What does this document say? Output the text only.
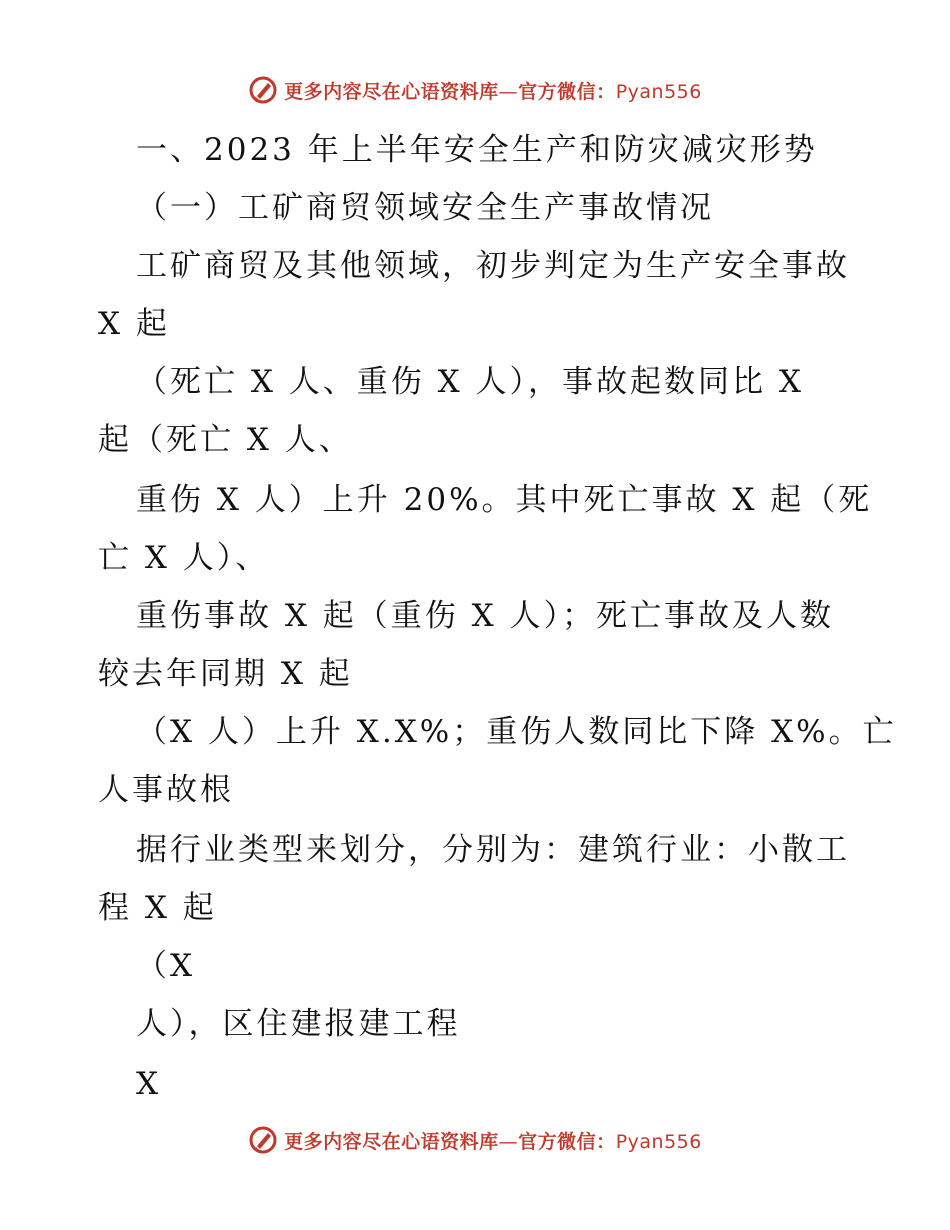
更多内容尽在心语资料库—官方微信：Pyan556
一、2023 年上半年安全生产和防灾减灾形势
（一）工矿商贸领域安全生产事故情况
工矿商贸及其他领域，初步判定为生产安全事故
X 起
（死亡 X 人、重伤 X 人），事故起数同比 X
起（死亡 X 人、
重伤 X 人）上升 20%。其中死亡事故 X 起（死
亡 X 人）、
重伤事故 X 起（重伤 X 人）；死亡事故及人数
较去年同期 X 起
（X 人）上升 X.X%；重伤人数同比下降 X%。亡
人事故根
据行业类型来划分，分别为：建筑行业：小散工
程 X 起
（X
人），区住建报建工程
X
更多内容尽在心语资料库—官方微信：Pyan556
